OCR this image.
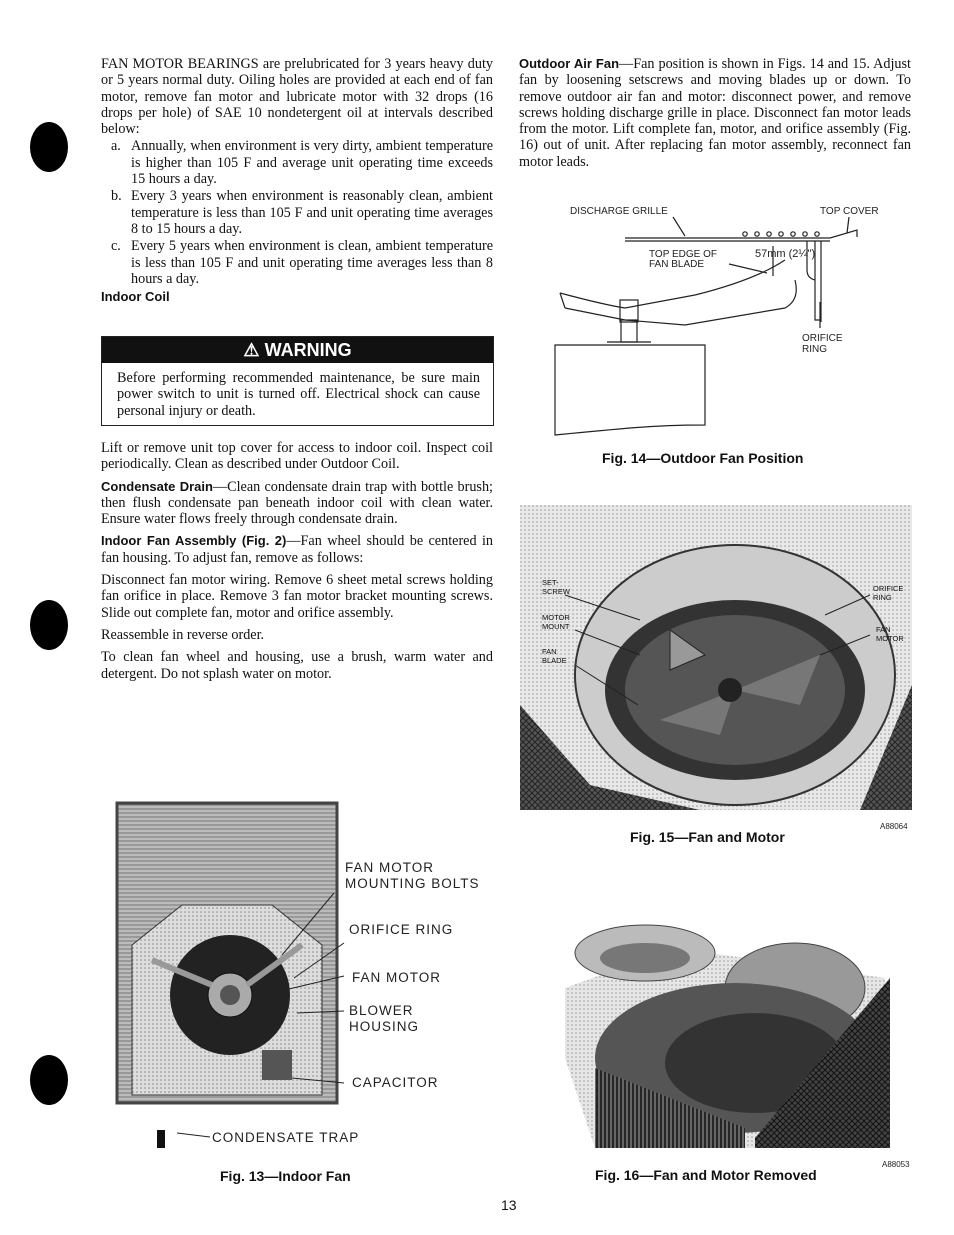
FAN MOTOR BEARINGS are prelubricated for 3 years heavy duty or 5 years normal duty. Oiling holes are provided at each end of fan motor, remove fan motor and lubricate motor with 32 drops (16 drops per hole) of SAE 10 nondetergent oil at intervals described below:

a. Annually, when environment is very dirty, ambient temperature is higher than 105 F and average unit operating time exceeds 15 hours a day.
b. Every 3 years when environment is reasonably clean, ambient temperature is less than 105 F and unit operating time averages 8 to 15 hours a day.
c. Every 5 years when environment is clean, ambient temperature is less than 105 F and unit operating time averages less than 8 hours a day.
Indoor Coil
⚠ WARNING

Before performing recommended maintenance, be sure main power switch to unit is turned off. Electrical shock can cause personal injury or death.

Lift or remove unit top cover for access to indoor coil. Inspect coil periodically. Clean as described under Outdoor Coil.

Condensate Drain—Clean condensate drain trap with bottle brush; then flush condensate pan beneath indoor coil with clean water. Ensure water flows freely through condensate drain.

Indoor Fan Assembly (Fig. 2)—Fan wheel should be centered in fan housing. To adjust fan, remove as follows:

Disconnect fan motor wiring. Remove 6 sheet metal screws holding fan orifice in place. Remove 3 fan motor bracket mounting screws. Slide out complete fan, motor and orifice assembly.

Reassemble in reverse order.

To clean fan wheel and housing, use a brush, warm water and detergent. Do not splash water on motor.

Outdoor Air Fan—Fan position is shown in Figs. 14 and 15. Adjust fan by loosening setscrews and moving blades up or down. To remove outdoor air fan and motor: disconnect power, and remove screws holding discharge grille in place. Disconnect fan motor leads from the motor. Lift complete fan, motor, and orifice assembly (Fig. 16) out of unit. After replacing fan motor assembly, reconnect fan motor leads.

DISCHARGE GRILLE	TOP COVER
TOP EDGE OF
FAN BLADE
57mm (2¼")
ORIFICE
RING
Fig. 14—Outdoor Fan Position
SET-
SCREW
MOTOR
MOUNT
FAN
BLADE
ORIFICE
RING
FAN
MOTOR
A88064
Fig. 15—Fan and Motor
FAN MOTOR
MOUNTING BOLTS
ORIFICE RING
FAN MOTOR
BLOWER
HOUSING
CAPACITOR
CONDENSATE TRAP
Fig. 13—Indoor Fan
A88053
Fig. 16—Fan and Motor Removed
13
